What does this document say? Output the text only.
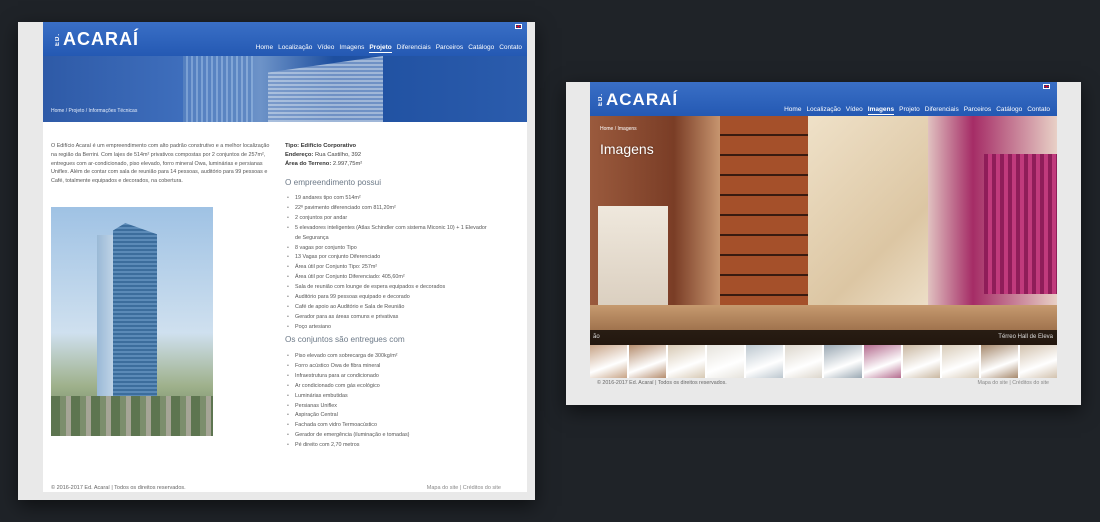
ED. ACARAÍ	Home Localização Vídeo Imagens Projeto Diferenciais Parceiros Catálogo Contato
Home / Projeto / Informações Técnicas
Informações Técnicas

O Edifício Acaraí é um empreendimento com alto padrão construtivo e a melhor localização na região da Berrini. Com lajes de 514m² privativos compostas por 2 conjuntos de 257m², entregues com ar-condicionado, piso elevado, forro mineral Owa, luminárias e persianas Uniflex. Além de contar com sala de reunião para 14 pessoas, auditório para 99 pessoas e Café, totalmente equipados e decorados, na cobertura.

Tipo: Edifício Corporativo
Endereço: Rua Castilho, 392
Área do Terreno: 2.997,75m²
O empreendimento possui
• 19 andares tipo com 514m²
• 22º pavimento diferenciado com 811,20m²
• 2 conjuntos por andar
• 5 elevadores inteligentes (Atlas Schindler com sistema Miconic 10) + 1 Elevador de Segurança
• 8 vagas por conjunto Tipo
• 13 Vagas por conjunto Diferenciado
• Área útil por Conjunto Tipo: 257m²
• Área útil por Conjunto Diferenciado: 405,60m²
• Sala de reunião com lounge de espera equipados e decorados
• Auditório para 99 pessoas equipado e decorado
• Café de apoio ao Auditório e Sala de Reunião
• Gerador para as áreas comuns e privativas
• Poço artesiano
Os conjuntos são entregues com
• Piso elevado com sobrecarga de 300kg/m²
• Forro acústico Owa de fibra mineral
• Infraestrutura para ar condicionado
• Ar condicionado com gás ecológico
• Luminárias embutidas
• Persianas Uniflex
• Aspiração Central
• Fachada com vidro Termoacústico
• Gerador de emergência (iluminação e tomadas)
• Pé direito com 2,70 metros
© 2016-2017 Ed. Acaraí | Todos os direitos reservados.	Mapa do site | Créditos do site
ED. ACARAÍ
Home Localização Vídeo Imagens Projeto Diferenciais Parceiros Catálogo Contato
Home / Imagens
Imagens
ão	Térreo Hall de Eleva
© 2016-2017 Ed. Acaraí | Todos os direitos reservados.	Mapa do site | Créditos do site
